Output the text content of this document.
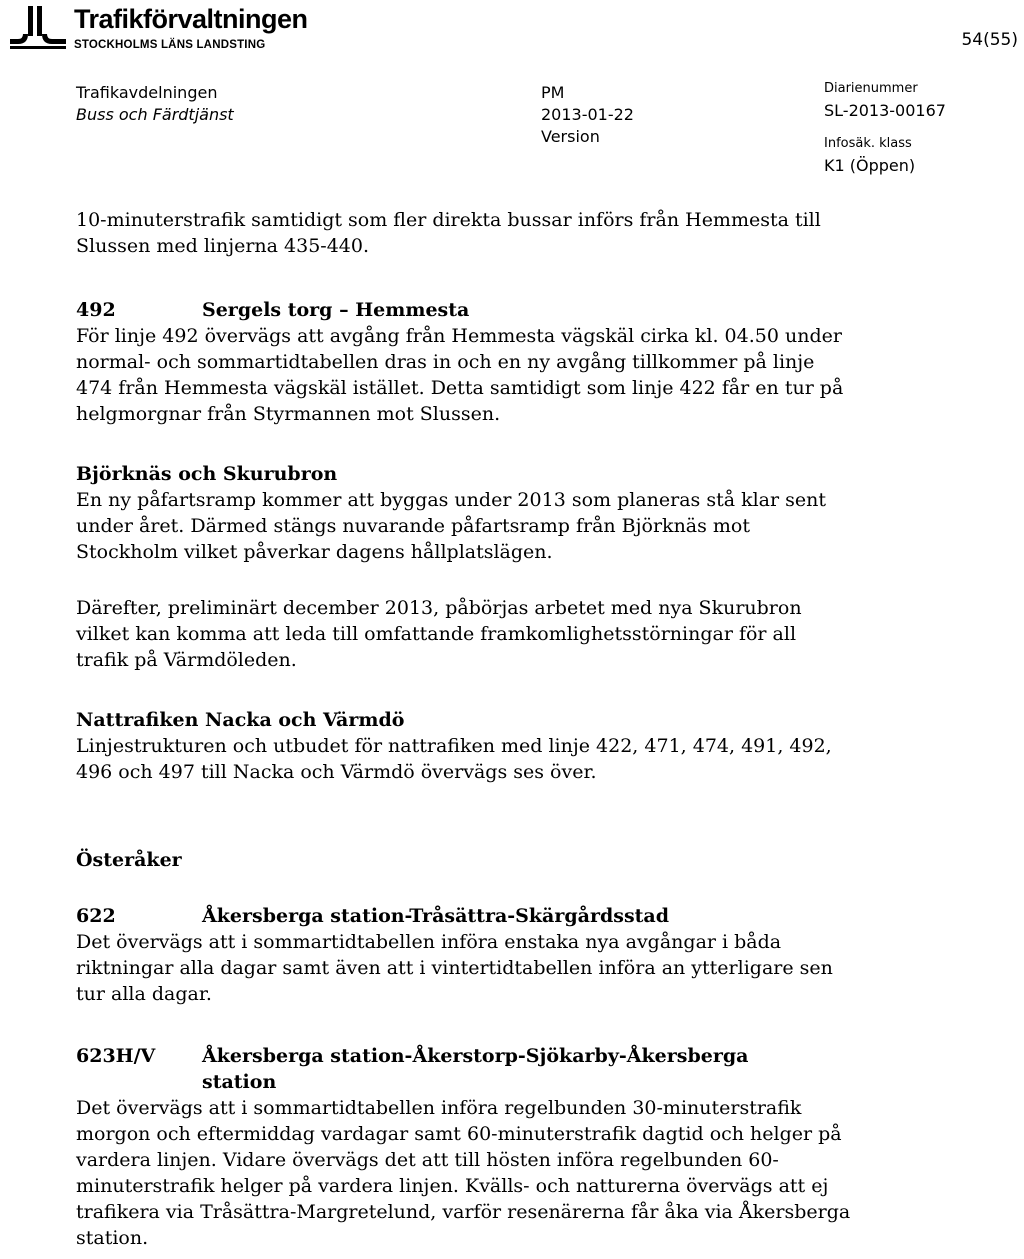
Trafikförvaltningen
STOCKHOLMS LÄNS LANDSTING	54(55)
Trafikavdelningen
Buss och Färdtjänst
PM
2013-01-22
Version
Diarienummer
SL-2013-00167
Infosäk. klass
K1 (Öppen)

10-minuterstrafik samtidigt som fler direkta bussar införs från Hemmesta till Slussen med linjerna 435-440.

492	Sergels torg – Hemmesta

För linje 492 övervägs att avgång från Hemmesta vägskäl cirka kl. 04.50 under normal- och sommartidtabellen dras in och en ny avgång tillkommer på linje 474 från Hemmesta vägskäl istället. Detta samtidigt som linje 422 får en tur på helgmorgnar från Styrmannen mot Slussen.

Björknäs och Skurubron

En ny påfartsramp kommer att byggas under 2013 som planeras stå klar sent under året. Därmed stängs nuvarande påfartsramp från Björknäs mot Stockholm vilket påverkar dagens hållplatslägen.

Därefter, preliminärt december 2013, påbörjas arbetet med nya Skurubron vilket kan komma att leda till omfattande framkomlighetsstörningar för all trafik på Värmdöleden.

Nattrafiken Nacka och Värmdö

Linjestrukturen och utbudet för nattrafiken med linje 422, 471, 474, 491, 492, 496 och 497 till Nacka och Värmdö övervägs ses över.

Österåker
622	Åkersberga station-Tråsättra-Skärgårdsstad

Det övervägs att i sommartidtabellen införa enstaka nya avgångar i båda riktningar alla dagar samt även att i vintertidtabellen införa an ytterligare sen tur alla dagar.

623H/V	Åkersberga station-Åkerstorp-Sjökarby-Åkersberga station

Det övervägs att i sommartidtabellen införa regelbunden 30-minuterstrafik morgon och eftermiddag vardagar samt 60-minuterstrafik dagtid och helger på vardera linjen. Vidare övervägs det att till hösten införa regelbunden 60-minuterstrafik helger på vardera linjen. Kvälls- och natturerna övervägs att ej trafikera via Tråsättra-Margretelund, varför resenärerna får åka via Åkersberga station.
